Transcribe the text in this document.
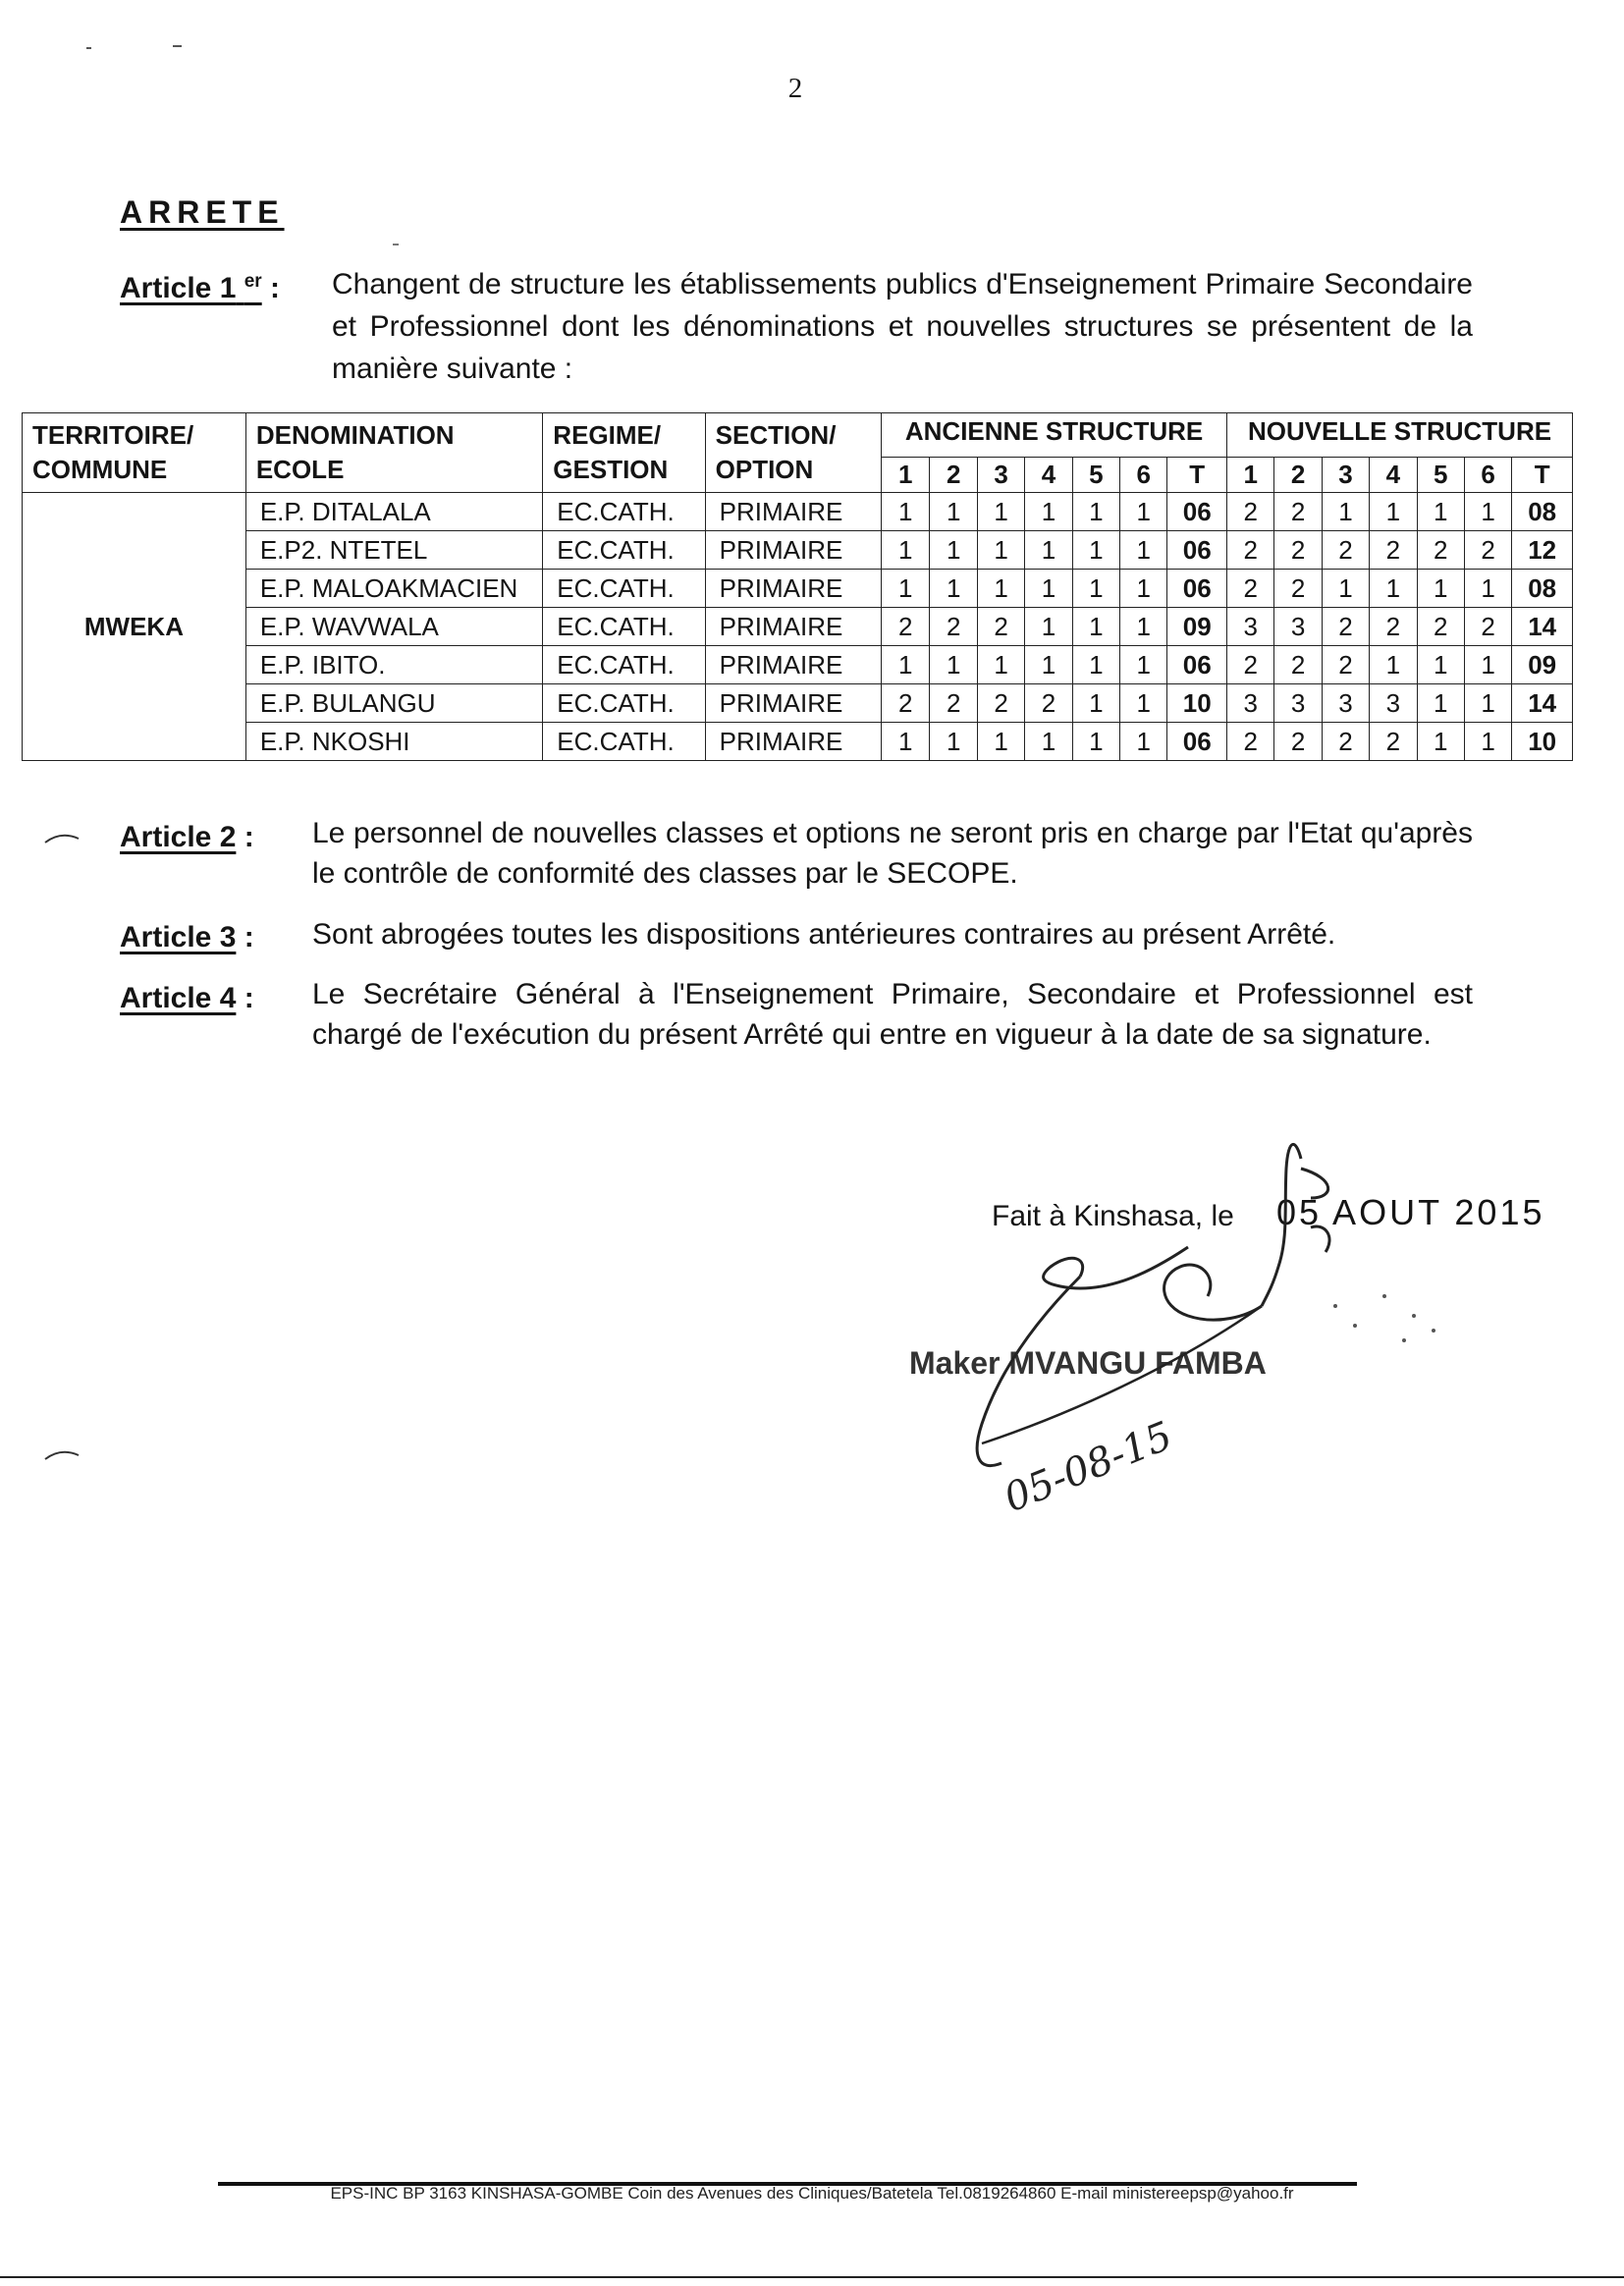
2
ARRETE
Article 1 $^{er}$ : Changent de structure les établissements publics d'Enseignement Primaire Secondaire et Professionnel dont les dénominations et nouvelles structures se présentent de la manière suivante :
TERRITOIRE/ COMMUNE	DENOMINATION ECOLE	REGIME/ GESTION	SECTION/ OPTION	ANCIENNE STRUCTURE							NOUVELLE STRUCTURE						
				1	2	3	4	5	6	T	1	2	3	4	5	6	T
MWEKA	E.P. DITALALA	EC.CATH.	PRIMAIRE	1	1	1	1	1	1	06	2	2	1	1	1	1	08
	E.P2. NTETEL	EC.CATH.	PRIMAIRE	1	1	1	1	1	1	06	2	2	2	2	2	2	12
	E.P. MALOAKMACIEN	EC.CATH.	PRIMAIRE	1	1	1	1	1	1	06	2	2	1	1	1	1	08
	E.P. WAVWALA	EC.CATH.	PRIMAIRE	2	2	2	1	1	1	09	3	3	2	2	2	2	14
	E.P. IBITO.	EC.CATH.	PRIMAIRE	1	1	1	1	1	1	06	2	2	2	1	1	1	09
	E.P. BULANGU	EC.CATH.	PRIMAIRE	2	2	2	2	1	1	10	3	3	3	3	1	1	14
	E.P. NKOSHI	EC.CATH.	PRIMAIRE	1	1	1	1	1	1	06	2	2	2	2	1	1	10
Article 2 : Le personnel de nouvelles classes et options ne seront pris en charge par l'Etat qu'après le contrôle de conformité des classes par le SECOPE.
Article 3 : Sont abrogées toutes les dispositions antérieures contraires au présent Arrêté.
Article 4 : Le Secrétaire Général à l'Enseignement Primaire, Secondaire et Professionnel est chargé de l'exécution du présent Arrêté qui entre en vigueur à la date de sa signature.
Fait à Kinshasa, le 05 AOUT 2015
Maker MVANGU FAMBA
05-08-15
EPS-INC BP 3163 KINSHASA-GOMBE Coin des Avenues des Cliniques/Batetela Tel.0819264860 E-mail ministereepsp@yahoo.fr
